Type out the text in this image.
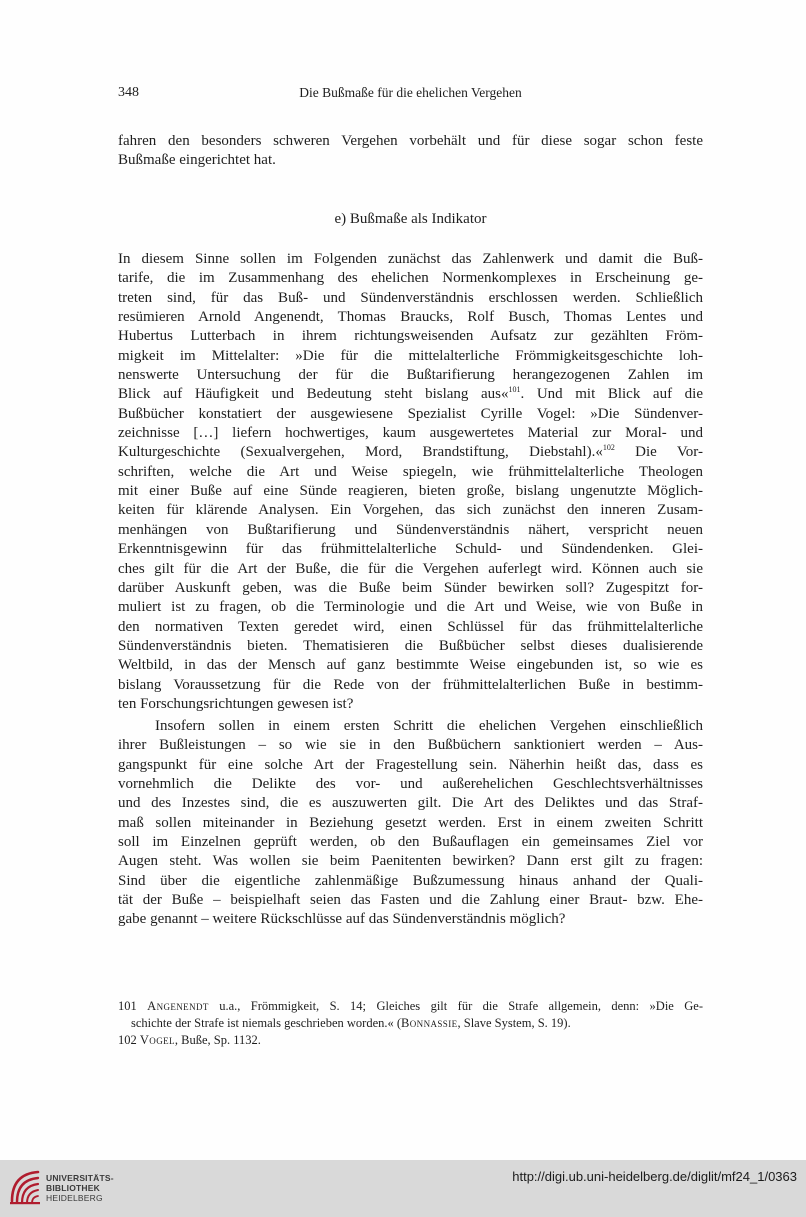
348	Die Bußmaße für die ehelichen Vergehen
fahren den besonders schweren Vergehen vorbehält und für diese sogar schon feste
Bußmaße eingerichtet hat.
e) Bußmaße als Indikator
In diesem Sinne sollen im Folgenden zunächst das Zahlenwerk und damit die Buß-
tarife, die im Zusammenhang des ehelichen Normenkomplexes in Erscheinung ge-
treten sind, für das Buß- und Sündenverständnis erschlossen werden. Schließlich
resümieren Arnold Angenendt, Thomas Braucks, Rolf Busch, Thomas Lentes und
Hubertus Lutterbach in ihrem richtungsweisenden Aufsatz zur gezählten Fröm-
migkeit im Mittelalter: »Die für die mittelalterliche Frömmigkeitsgeschichte loh-
nenswerte Untersuchung der für die Bußtarifierung herangezogenen Zahlen im
Blick auf Häufigkeit und Bedeutung steht bislang aus«$^{101}$. Und mit Blick auf die
Bußbücher konstatiert der ausgewiesene Spezialist Cyrille Vogel: »Die Sündenver-
zeichnisse […] liefern hochwertiges, kaum ausgewertetes Material zur Moral- und
Kulturgeschichte (Sexualvergehen, Mord, Brandstiftung, Diebstahl).«$^{102}$ Die Vor-
schriften, welche die Art und Weise spiegeln, wie frühmittelalterliche Theologen
mit einer Buße auf eine Sünde reagieren, bieten große, bislang ungenutzte Möglich-
keiten für klärende Analysen. Ein Vorgehen, das sich zunächst den inneren Zusam-
menhängen von Bußtarifierung und Sündenverständnis nähert, verspricht neuen
Erkenntnisgewinn für das frühmittelalterliche Schuld- und Sündendenken. Glei-
ches gilt für die Art der Buße, die für die Vergehen auferlegt wird. Können auch sie
darüber Auskunft geben, was die Buße beim Sünder bewirken soll? Zugespitzt for-
muliert ist zu fragen, ob die Terminologie und die Art und Weise, wie von Buße in
den normativen Texten geredet wird, einen Schlüssel für das frühmittelalterliche
Sündenverständnis bieten. Thematisieren die Bußbücher selbst dieses dualisierende
Weltbild, in das der Mensch auf ganz bestimmte Weise eingebunden ist, so wie es
bislang Voraussetzung für die Rede von der frühmittelalterlichen Buße in bestimm-
ten Forschungsrichtungen gewesen ist?
Insofern sollen in einem ersten Schritt die ehelichen Vergehen einschließlich
ihrer Bußleistungen – so wie sie in den Bußbüchern sanktioniert werden – Aus-
gangspunkt für eine solche Art der Fragestellung sein. Näherhin heißt das, dass es
vornehmlich die Delikte des vor- und außerehelichen Geschlechtsverhältnisses
und des Inzestes sind, die es auszuwerten gilt. Die Art des Deliktes und das Straf-
maß sollen miteinander in Beziehung gesetzt werden. Erst in einem zweiten Schritt
soll im Einzelnen geprüft werden, ob den Bußauflagen ein gemeinsames Ziel vor
Augen steht. Was wollen sie beim Paenitenten bewirken? Dann erst gilt zu fragen:
Sind über die eigentliche zahlenmäßige Bußzumessung hinaus anhand der Quali-
tät der Buße – beispielhaft seien das Fasten und die Zahlung einer Braut- bzw. Ehe-
gabe genannt – weitere Rückschlüsse auf das Sündenverständnis möglich?
101 Angenendt u.a., Frömmigkeit, S. 14; Gleiches gilt für die Strafe allgemein, denn: »Die Ge-
schichte der Strafe ist niemals geschrieben worden.« (Bonnassie, Slave System, S. 19).
102 Vogel, Buße, Sp. 1132.
UNIVERSITÄTS-
BIBLIOTHEK
HEIDELBERG
http://digi.ub.uni-heidelberg.de/diglit/mf24_1/0363
